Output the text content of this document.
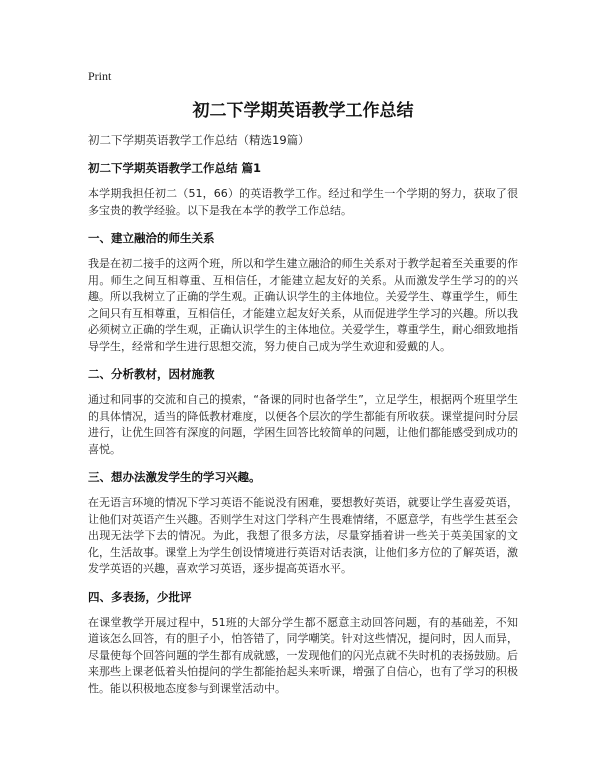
Print
初二下学期英语教学工作总结

初二下学期英语教学工作总结（精选19篇）

初二下学期英语教学工作总结 篇1

本学期我担任初二（51，66）的英语教学工作。经过和学生一个学期的努力，获取了很多宝贵的教学经验。以下是我在本学的教学工作总结。

一、建立融洽的师生关系

我是在初二接手的这两个班，所以和学生建立融洽的师生关系对于教学起着至关重要的作用。师生之间互相尊重、互相信任，才能建立起友好的关系。从而激发学生学习的的兴趣。所以我树立了正确的学生观。正确认识学生的主体地位。关爱学生、尊重学生，师生之间只有互相尊重，互相信任，才能建立起友好关系，从而促进学生学习的兴趣。所以我必须树立正确的学生观，正确认识学生的主体地位。关爱学生，尊重学生，耐心细致地指导学生，经常和学生进行思想交流，努力使自己成为学生欢迎和爱戴的人。

二、分析教材，因材施教

通过和同事的交流和自己的摸索，“备课的同时也备学生”，立足学生，根据两个班里学生的具体情况，适当的降低教材难度，以便各个层次的学生都能有所收获。课堂提问时分层进行，让优生回答有深度的问题，学困生回答比较简单的问题，让他们都能感受到成功的喜悦。

三、想办法激发学生的学习兴趣。

在无语言环境的情况下学习英语不能说没有困难，要想教好英语，就要让学生喜爱英语，让他们对英语产生兴趣。否则学生对这门学科产生畏难情绪，不愿意学，有些学生甚至会出现无法学下去的情况。为此，我想了很多方法，尽量穿插着讲一些关于英美国家的文化，生活故事。课堂上为学生创设情境进行英语对话表演，让他们多方位的了解英语，激发学英语的兴趣，喜欢学习英语，逐步提高英语水平。

四、多表扬，少批评

在课堂教学开展过程中，51班的大部分学生都不愿意主动回答问题，有的基础差，不知道该怎么回答，有的胆子小，怕答错了，同学嘲笑。针对这些情况，提问时，因人而异，尽量使每个回答问题的学生都有成就感，一发现他们的闪光点就不失时机的表扬鼓励。后来那些上课老低着头怕提问的学生都能抬起头来听课，增强了自信心，也有了学习的积极性。能以积极地态度参与到课堂活动中。
